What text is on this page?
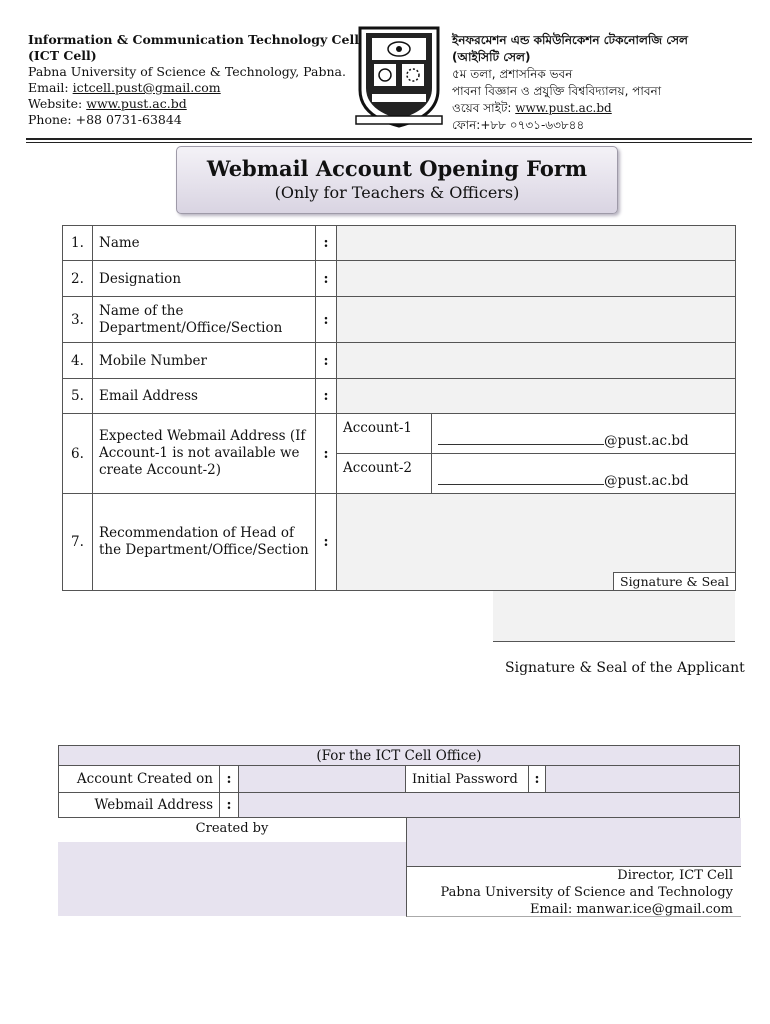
Information & Communication Technology Cell
(ICT Cell)
Pabna University of Science & Technology, Pabna.
Email: ictcell.pust@gmail.com
Website: www.pust.ac.bd
Phone: +88 0731-63844
ইনফরমেশন এন্ড কমিউনিকেশন টেকনোলজি সেল
(আইসিটি সেল)
৫ম তলা, প্রশাসনিক ভবন
পাবনা বিজ্ঞান ও প্রযুক্তি বিশ্ববিদ্যালয়, পাবনা
ওয়েব সাইট: www.pust.ac.bd
ফোন:+৮৮ ০৭৩১-৬৩৮৪৪
Webmail Account Opening Form
(Only for Teachers & Officers)
1.	Name	:		
2.	Designation	:		
3.	Name of the Department/Office/Section	:		
4.	Mobile Number	:		
5.	Email Address	:		
6.	Expected Webmail Address (If Account-1 is not available we create Account-2)	:	Account-1	@pust.ac.bd
			Account-2	@pust.ac.bd
7.	Recommendation of Head of the Department/Office/Section	:	Signature & Seal	
Signature & Seal of the Applicant
(For the ICT Cell Office)				
Account Created on	:		Initial Password	:

Webmail Address	:			
Created by
Director, ICT Cell
Pabna University of Science and Technology
Email: manwar.ice@gmail.com
